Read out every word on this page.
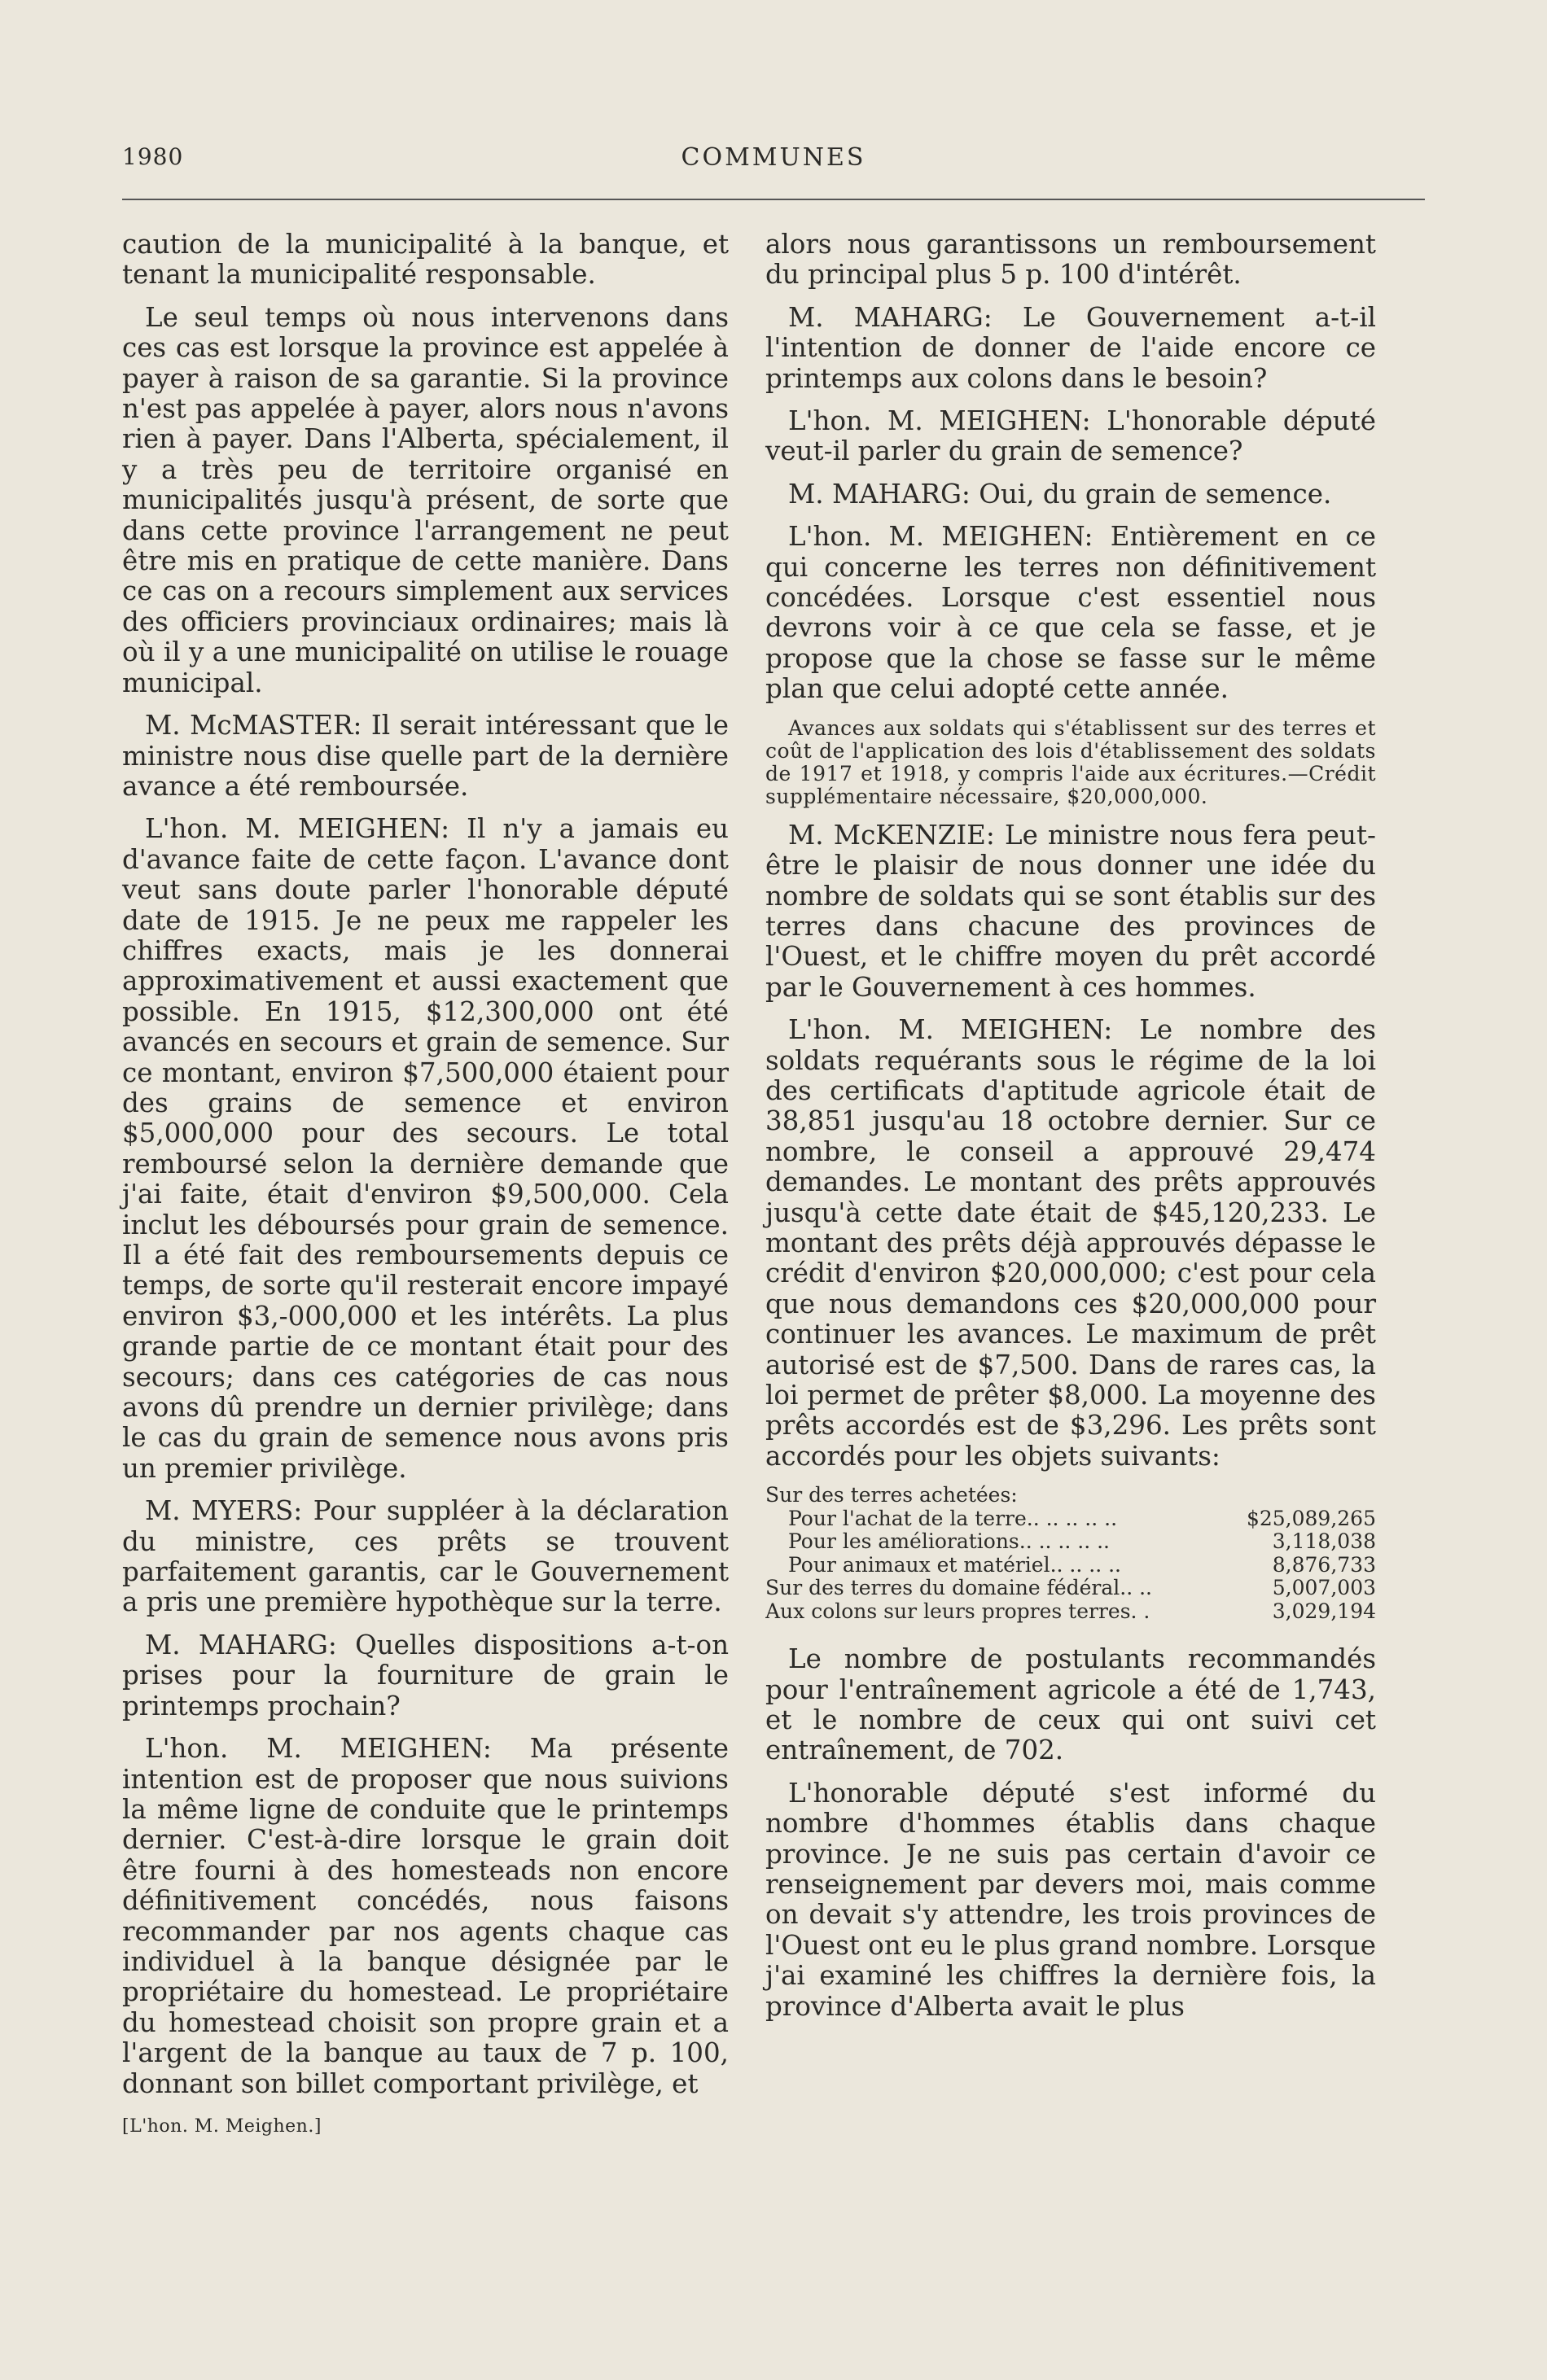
1980	COMMUNES

caution de la municipalité à la banque, et tenant la municipalité responsable.

Le seul temps où nous intervenons dans ces cas est lorsque la province est appelée à payer à raison de sa garantie. Si la province n'est pas appelée à payer, alors nous n'avons rien à payer. Dans l'Alberta, spécialement, il y a très peu de territoire organisé en municipalités jusqu'à présent, de sorte que dans cette province l'arrangement ne peut être mis en pratique de cette manière. Dans ce cas on a recours simplement aux services des officiers provinciaux ordinaires; mais là où il y a une municipalité on utilise le rouage municipal.

M. McMASTER: Il serait intéressant que le ministre nous dise quelle part de la dernière avance a été remboursée.

L'hon. M. MEIGHEN: Il n'y a jamais eu d'avance faite de cette façon. L'avance dont veut sans doute parler l'honorable député date de 1915. Je ne peux me rappeler les chiffres exacts, mais je les donnerai approximativement et aussi exactement que possible. En 1915, $12,300,000 ont été avancés en secours et grain de semence. Sur ce montant, environ $7,500,000 étaient pour des grains de semence et environ $5,000,000 pour des secours. Le total remboursé selon la dernière demande que j'ai faite, était d'environ $9,500,000. Cela inclut les déboursés pour grain de semence. Il a été fait des remboursements depuis ce temps, de sorte qu'il resterait encore impayé environ $3,-000,000 et les intérêts. La plus grande partie de ce montant était pour des secours; dans ces catégories de cas nous avons dû prendre un dernier privilège; dans le cas du grain de semence nous avons pris un premier privilège.

M. MYERS: Pour suppléer à la déclaration du ministre, ces prêts se trouvent parfaitement garantis, car le Gouvernement a pris une première hypothèque sur la terre.

M. MAHARG: Quelles dispositions a-t-on prises pour la fourniture de grain le printemps prochain?

L'hon. M. MEIGHEN: Ma présente intention est de proposer que nous suivions la même ligne de conduite que le printemps dernier. C'est-à-dire lorsque le grain doit être fourni à des homesteads non encore définitivement concédés, nous faisons recommander par nos agents chaque cas individuel à la banque désignée par le propriétaire du homestead. Le propriétaire du homestead choisit son propre grain et a l'argent de la banque au taux de 7 p. 100, donnant son billet comportant privilège, et

[L'hon. M. Meighen.]

alors nous garantissons un remboursement du principal plus 5 p. 100 d'intérêt.

M. MAHARG: Le Gouvernement a-t-il l'intention de donner de l'aide encore ce printemps aux colons dans le besoin?

L'hon. M. MEIGHEN: L'honorable député veut-il parler du grain de semence?

M. MAHARG: Oui, du grain de semence.

L'hon. M. MEIGHEN: Entièrement en ce qui concerne les terres non définitivement concédées. Lorsque c'est essentiel nous devrons voir à ce que cela se fasse, et je propose que la chose se fasse sur le même plan que celui adopté cette année.

Avances aux soldats qui s'établissent sur des terres et coût de l'application des lois d'établissement des soldats de 1917 et 1918, y compris l'aide aux écritures.—Crédit supplémentaire nécessaire, $20,000,000.

M. McKENZIE: Le ministre nous fera peut-être le plaisir de nous donner une idée du nombre de soldats qui se sont établis sur des terres dans chacune des provinces de l'Ouest, et le chiffre moyen du prêt accordé par le Gouvernement à ces hommes.

L'hon. M. MEIGHEN: Le nombre des soldats requérants sous le régime de la loi des certificats d'aptitude agricole était de 38,851 jusqu'au 18 octobre dernier. Sur ce nombre, le conseil a approuvé 29,474 demandes. Le montant des prêts approuvés jusqu'à cette date était de $45,120,233. Le montant des prêts déjà approuvés dépasse le crédit d'environ $20,000,000; c'est pour cela que nous demandons ces $20,000,000 pour continuer les avances. Le maximum de prêt autorisé est de $7,500. Dans de rares cas, la loi permet de prêter $8,000. La moyenne des prêts accordés est de $3,296. Les prêts sont accordés pour les objets suivants:

Sur des terres achetées:
Pour l'achat de la terre.. .. .. .. ..	$25,089,265
Pour les améliorations.. .. .. .. ..	3,118,038
Pour animaux et matériel.. .. .. ..	8,876,733
Sur des terres du domaine fédéral.. ..	5,007,003
Aux colons sur leurs propres terres. .	3,029,194

Le nombre de postulants recommandés pour l'entraînement agricole a été de 1,743, et le nombre de ceux qui ont suivi cet entraînement, de 702.

L'honorable député s'est informé du nombre d'hommes établis dans chaque province. Je ne suis pas certain d'avoir ce renseignement par devers moi, mais comme on devait s'y attendre, les trois provinces de l'Ouest ont eu le plus grand nombre. Lorsque j'ai examiné les chiffres la dernière fois, la province d'Alberta avait le plus
